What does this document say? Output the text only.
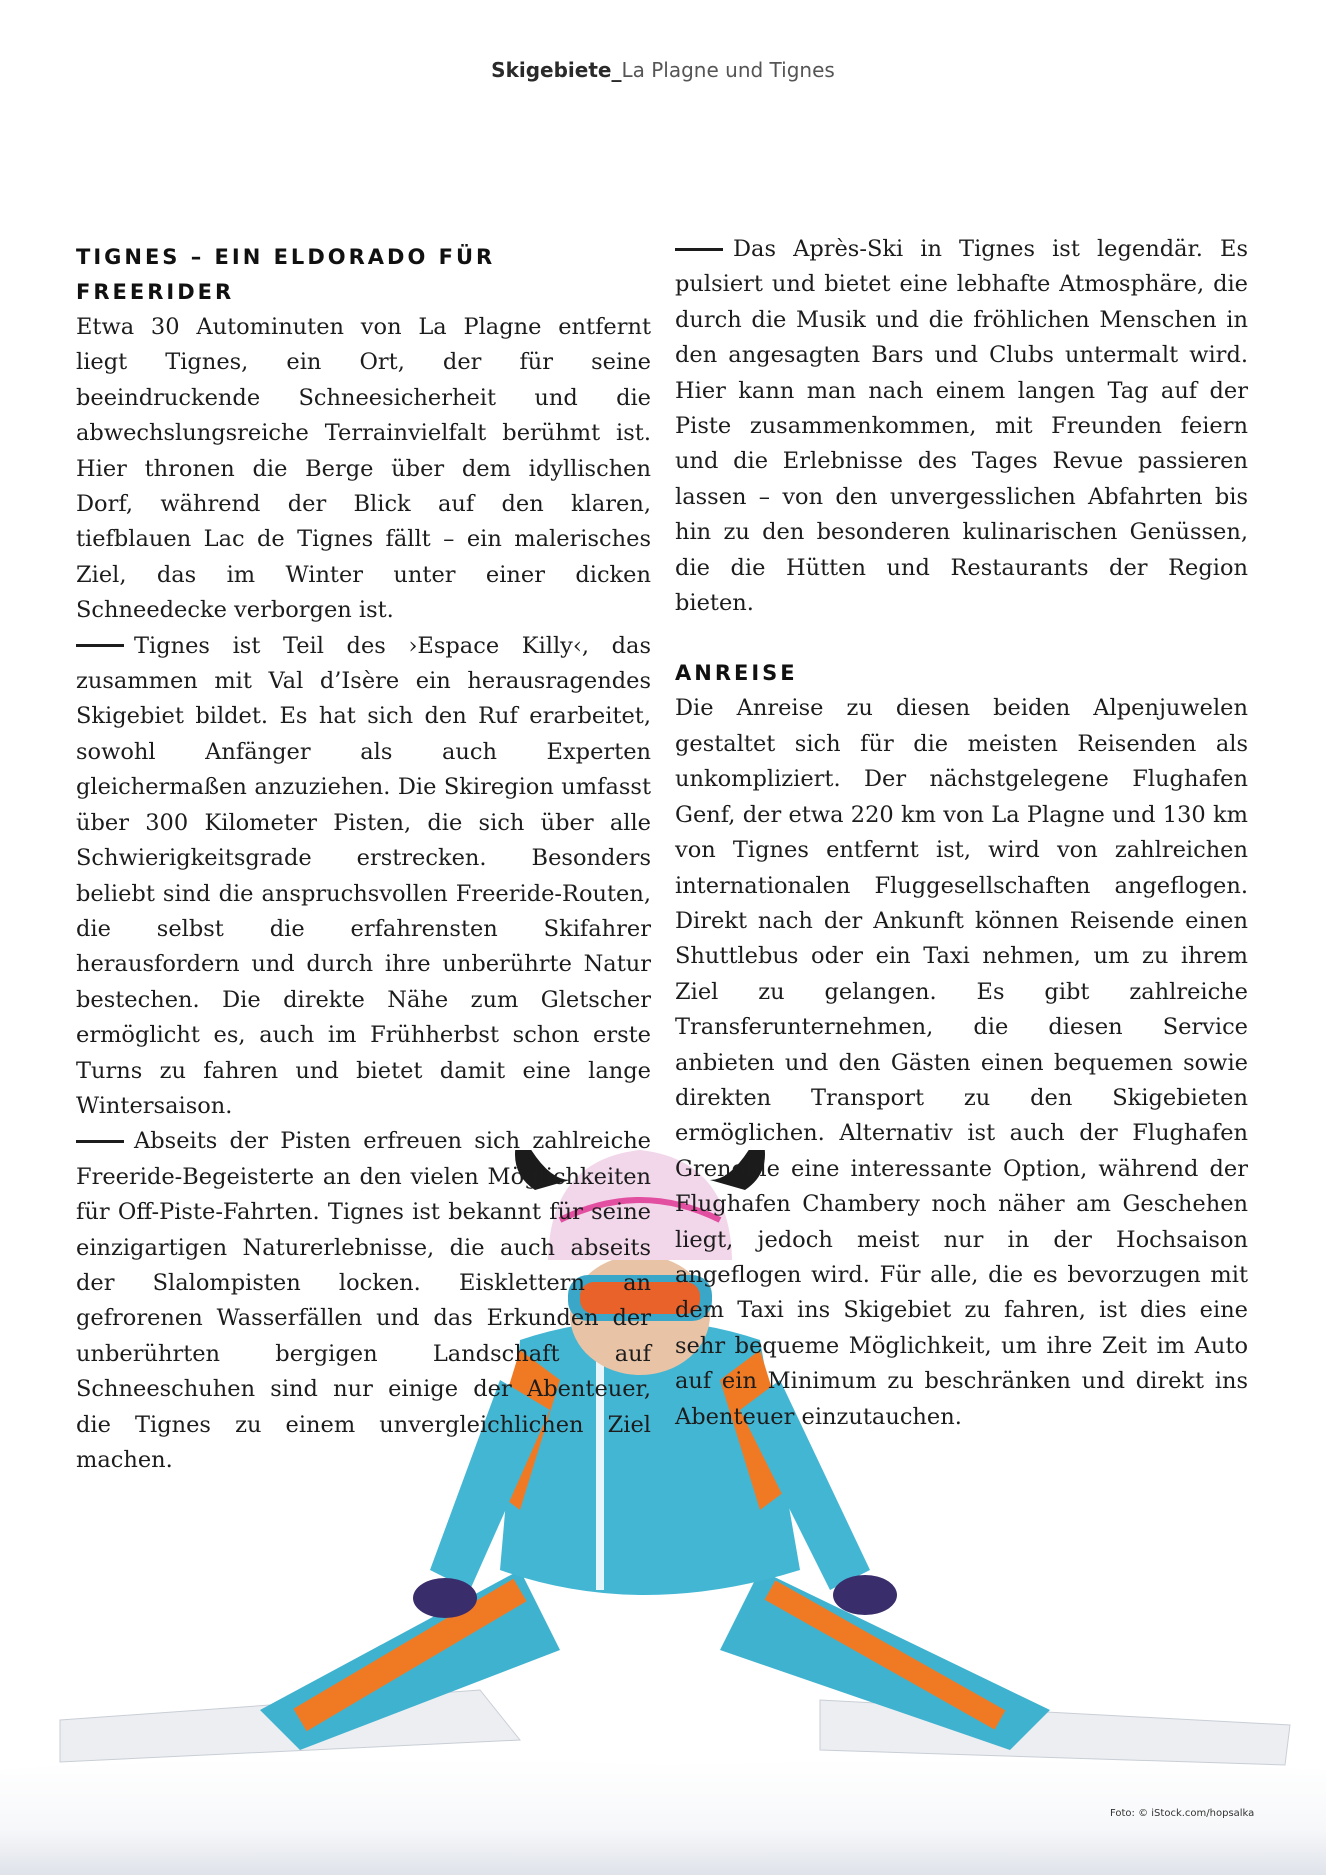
Skigebiete_La Plagne und Tignes
TIGNES – EIN ELDORADO FÜR FREERIDER

Etwa 30 Autominuten von La Plagne entfernt liegt Tignes, ein Ort, der für seine beeindruckende Schneesicherheit und die abwechslungsreiche Terrainvielfalt berühmt ist. Hier thronen die Berge über dem idyllischen Dorf, während der Blick auf den klaren, tiefblauen Lac de Tignes fällt – ein malerisches Ziel, das im Winter unter einer dicken Schneedecke verborgen ist.

Tignes ist Teil des ›Espace Killy‹, das zusammen mit Val d’Isère ein herausragendes Skigebiet bildet. Es hat sich den Ruf erarbeitet, sowohl Anfänger als auch Experten gleichermaßen anzuziehen. Die Skiregion umfasst über 300 Kilometer Pisten, die sich über alle Schwierigkeitsgrade erstrecken. Besonders beliebt sind die anspruchsvollen Freeride-Routen, die selbst die erfahrensten Skifahrer herausfordern und durch ihre unberührte Natur bestechen. Die direkte Nähe zum Gletscher ermöglicht es, auch im Frühherbst schon erste Turns zu fahren und bietet damit eine lange Wintersaison.

Abseits der Pisten erfreuen sich zahlreiche Freeride-Begeisterte an den vielen Möglichkeiten für Off-Piste-Fahrten. Tignes ist bekannt für seine einzigartigen Naturerlebnisse, die auch abseits der Slalompisten locken. Eisklettern an gefrorenen Wasserfällen und das Erkunden der unberührten bergigen Landschaft auf Schneeschuhen sind nur einige der Abenteuer, die Tignes zu einem unvergleichlichen Ziel machen.

Das Après-Ski in Tignes ist legendär. Es pulsiert und bietet eine lebhafte Atmosphäre, die durch die Musik und die fröhlichen Menschen in den angesagten Bars und Clubs untermalt wird. Hier kann man nach einem langen Tag auf der Piste zusammenkommen, mit Freunden feiern und die Erlebnisse des Tages Revue passieren lassen – von den unvergesslichen Abfahrten bis hin zu den besonderen kulinarischen Genüssen, die die Hütten und Restaurants der Region bieten.

ANREISE

Die Anreise zu diesen beiden Alpenjuwelen gestaltet sich für die meisten Reisenden als unkompliziert. Der nächstgelegene Flughafen Genf, der etwa 220 km von La Plagne und 130 km von Tignes entfernt ist, wird von zahlreichen internationalen Fluggesellschaften angeflogen. Direkt nach der Ankunft können Reisende einen Shuttlebus oder ein Taxi nehmen, um zu ihrem Ziel zu gelangen. Es gibt zahlreiche Transferunternehmen, die diesen Service anbieten und den Gästen einen bequemen sowie direkten Transport zu den Skigebieten ermöglichen. Alternativ ist auch der Flughafen Grenoble eine interessante Option, während der Flughafen Chambery noch näher am Geschehen liegt, jedoch meist nur in der Hochsaison angeflogen wird. Für alle, die es bevorzugen mit dem Taxi ins Skigebiet zu fahren, ist dies eine sehr bequeme Möglichkeit, um ihre Zeit im Auto auf ein Minimum zu beschränken und direkt ins Abenteuer einzutauchen.

Foto: © iStock.com/hopsalka
